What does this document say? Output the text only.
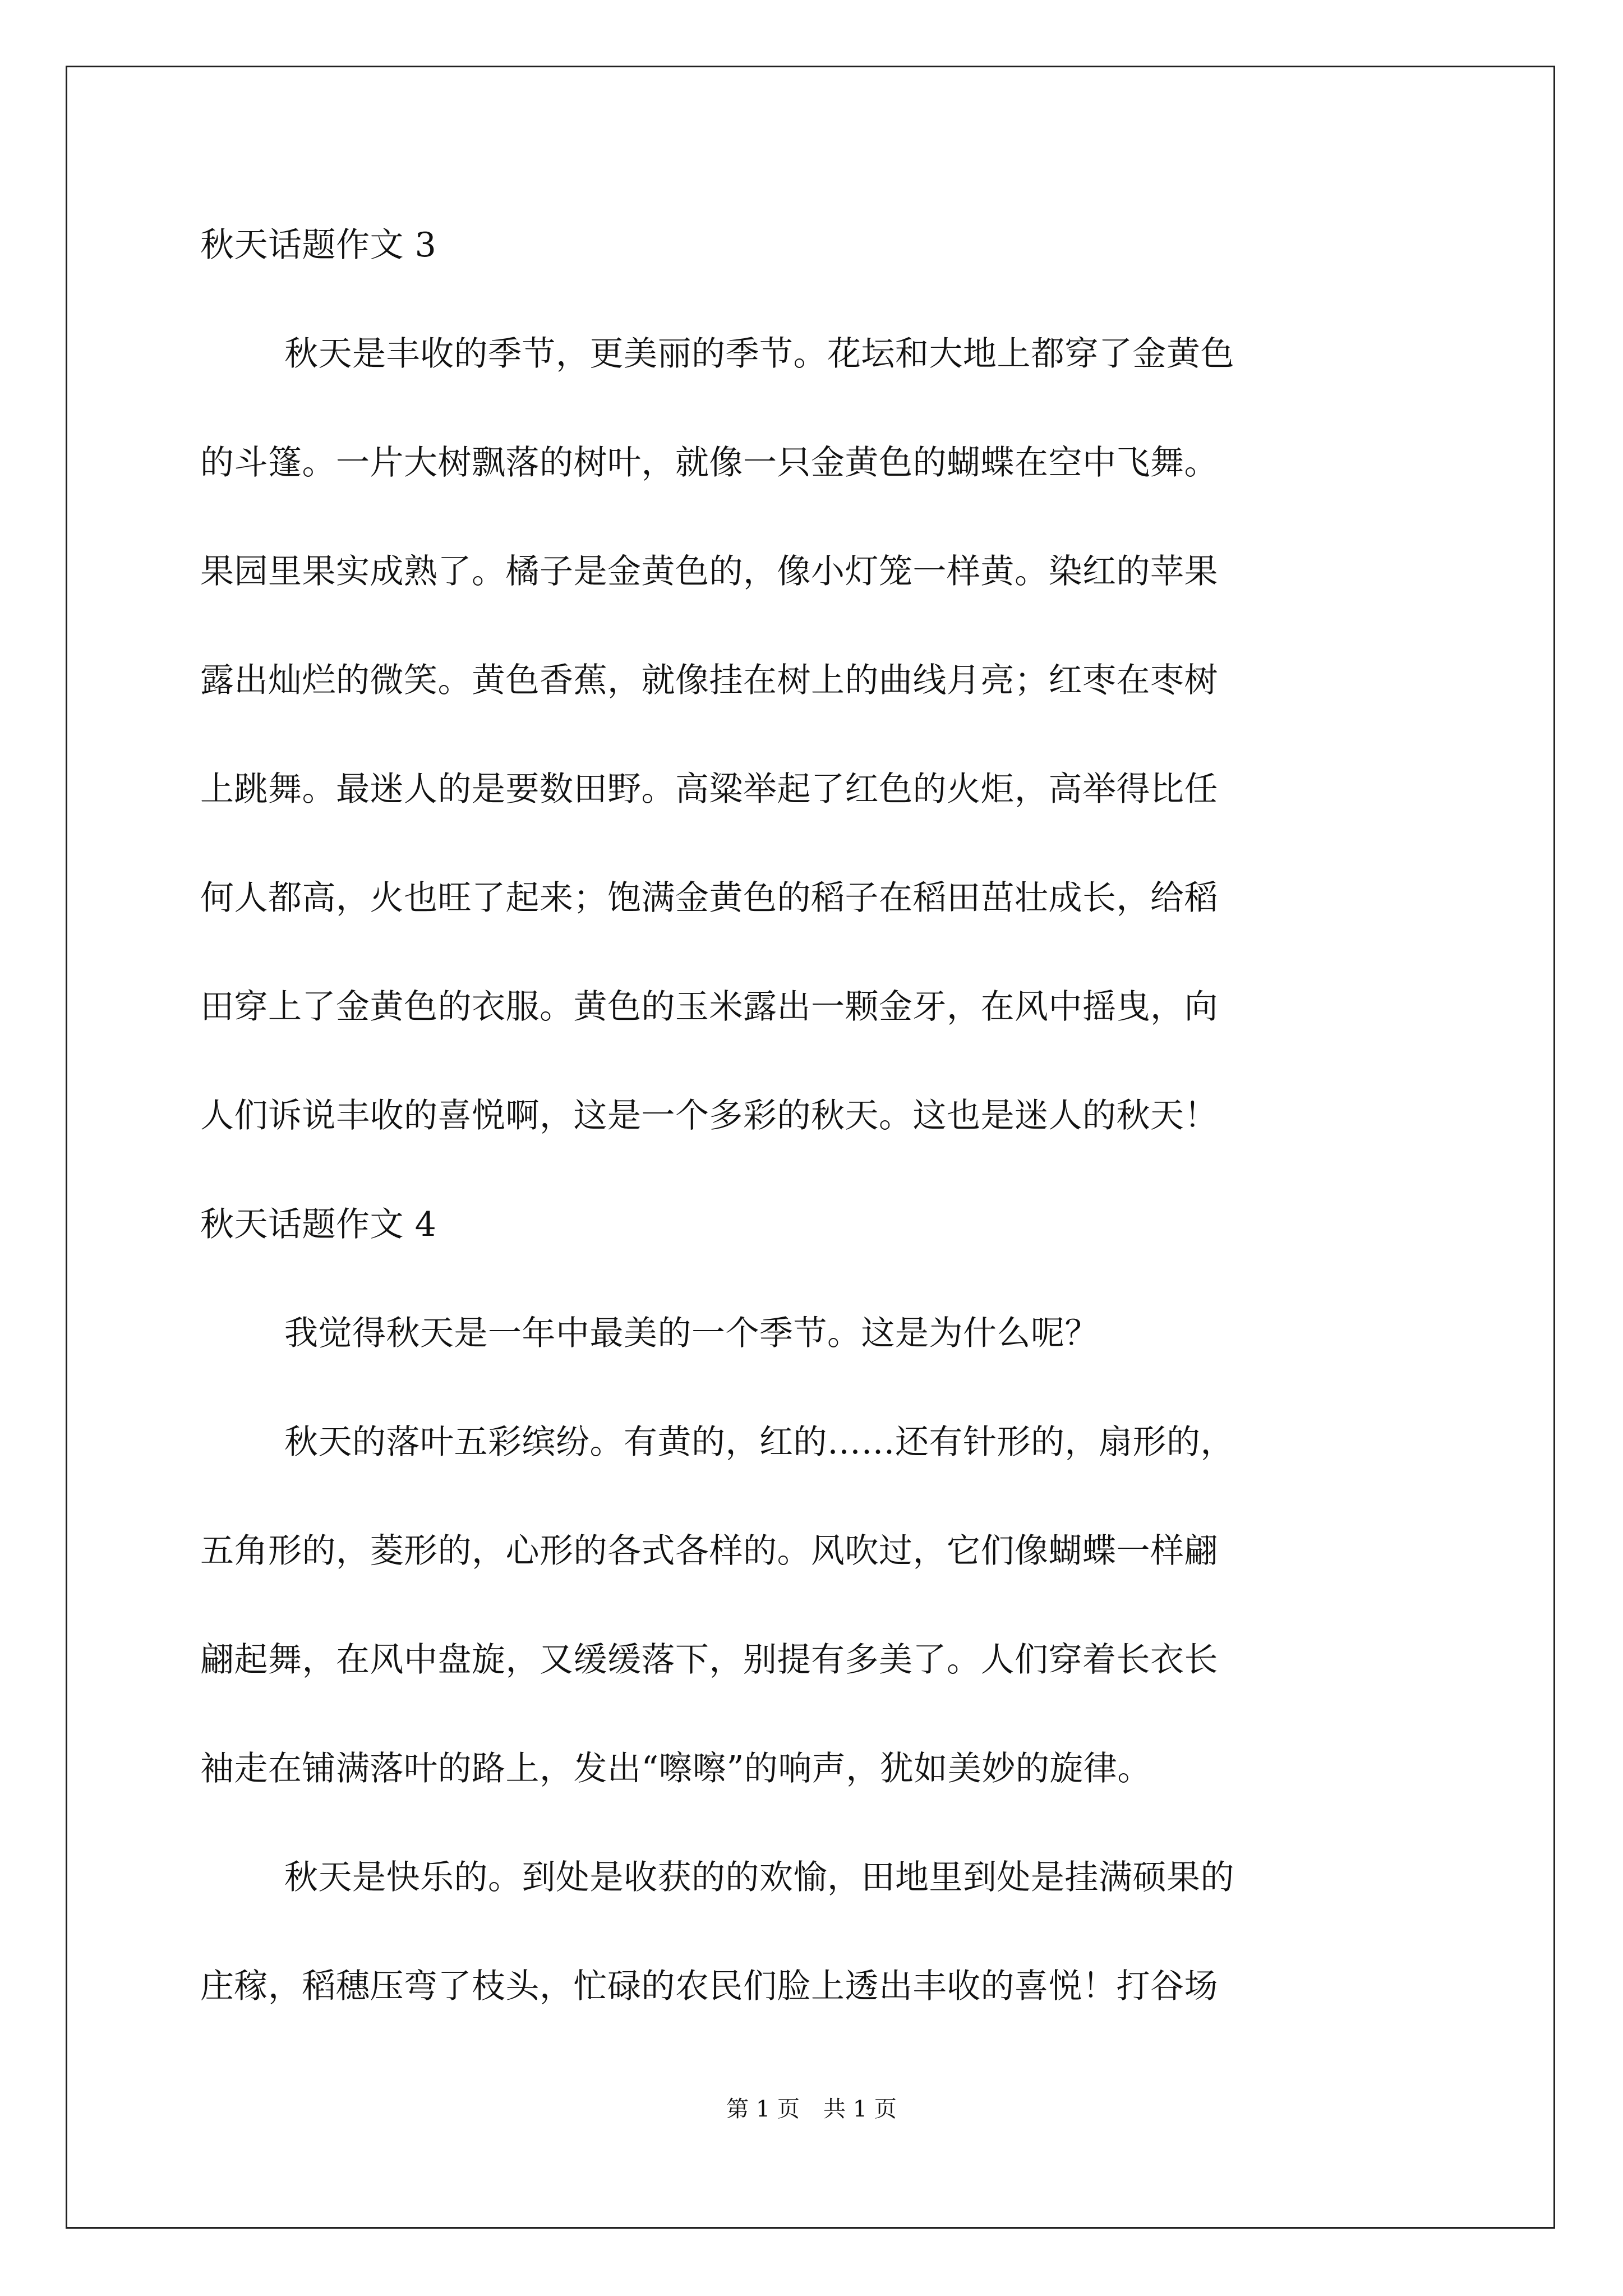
秋天话题作文 3
秋天是丰收的季节，更美丽的季节。花坛和大地上都穿了金黄色
的斗篷。一片大树飘落的树叶，就像一只金黄色的蝴蝶在空中飞舞。
果园里果实成熟了。橘子是金黄色的，像小灯笼一样黄。染红的苹果
露出灿烂的微笑。黄色香蕉，就像挂在树上的曲线月亮；红枣在枣树
上跳舞。最迷人的是要数田野。高粱举起了红色的火炬，高举得比任
何人都高，火也旺了起来；饱满金黄色的稻子在稻田茁壮成长，给稻
田穿上了金黄色的衣服。黄色的玉米露出一颗金牙，在风中摇曳，向
人们诉说丰收的喜悦啊，这是一个多彩的秋天。这也是迷人的秋天！
秋天话题作文 4
我觉得秋天是一年中最美的一个季节。这是为什么呢？
秋天的落叶五彩缤纷。有黄的，红的……还有针形的，扇形的，
五角形的，菱形的，心形的各式各样的。风吹过，它们像蝴蝶一样翩
翩起舞，在风中盘旋，又缓缓落下，别提有多美了。人们穿着长衣长
袖走在铺满落叶的路上，发出“嚓嚓”的响声，犹如美妙的旋律。
秋天是快乐的。到处是收获的的欢愉，田地里到处是挂满硕果的
庄稼，稻穗压弯了枝头，忙碌的农民们脸上透出丰收的喜悦！打谷场
第 1 页 共 1 页
